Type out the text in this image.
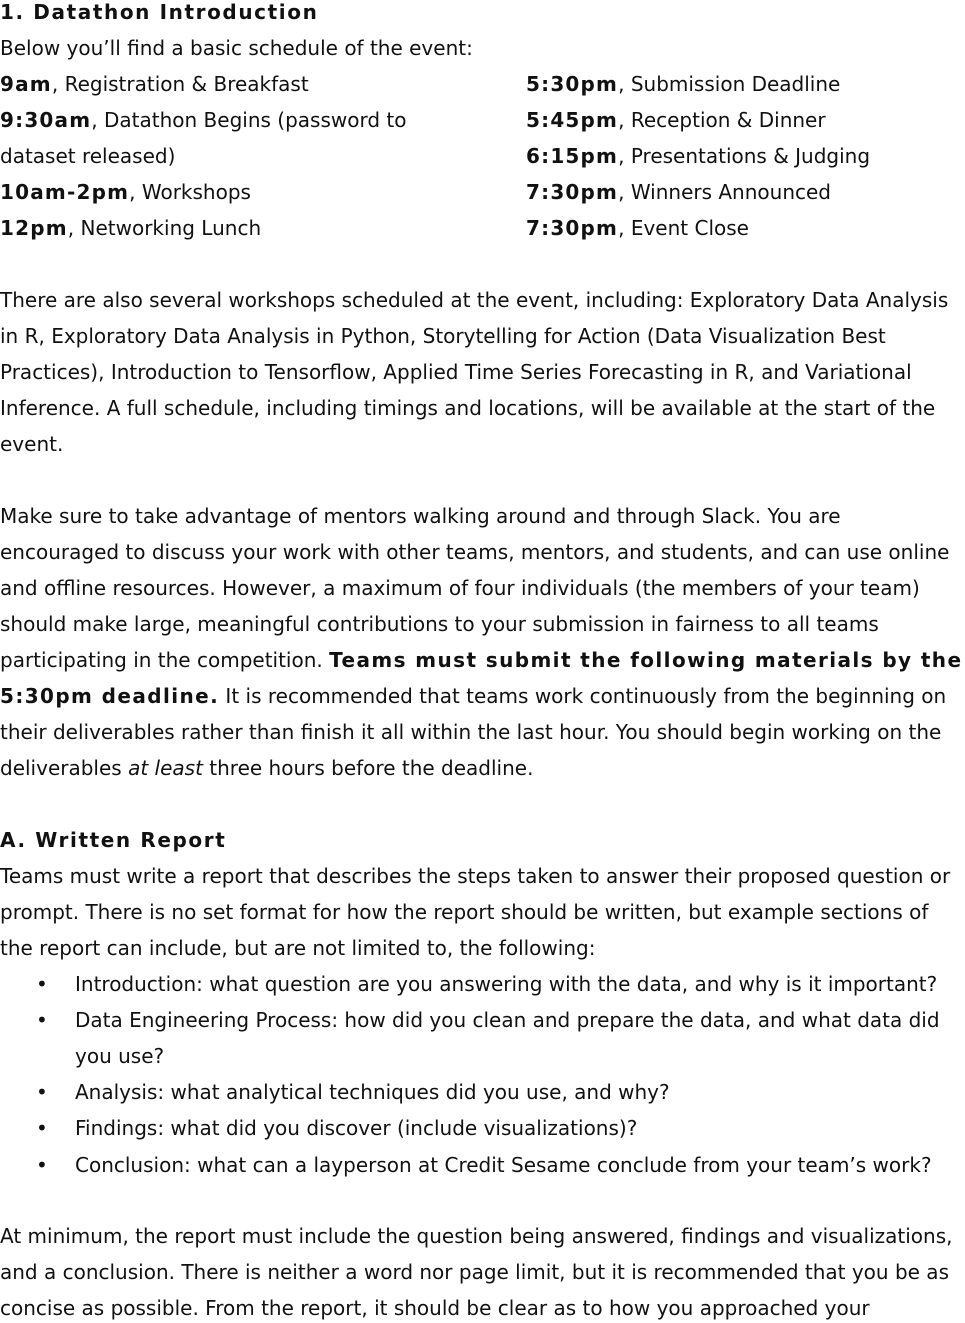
1. Datathon Introduction
Below you’ll find a basic schedule of the event:
9am, Registration & Breakfast
9:30am, Datathon Begins (password to
dataset released)
10am-2pm, Workshops
12pm, Networking Lunch
5:30pm, Submission Deadline
5:45pm, Reception & Dinner
6:15pm, Presentations & Judging
7:30pm, Winners Announced
7:30pm, Event Close
There are also several workshops scheduled at the event, including: Exploratory Data Analysis
in R, Exploratory Data Analysis in Python, Storytelling for Action (Data Visualization Best
Practices), Introduction to Tensorflow, Applied Time Series Forecasting in R, and Variational
Inference. A full schedule, including timings and locations, will be available at the start of the
event.
Make sure to take advantage of mentors walking around and through Slack. You are
encouraged to discuss your work with other teams, mentors, and students, and can use online
and offline resources. However, a maximum of four individuals (the members of your team)
should make large, meaningful contributions to your submission in fairness to all teams
participating in the competition. Teams must submit the following materials by the
5:30pm deadline. It is recommended that teams work continuously from the beginning on
their deliverables rather than finish it all within the last hour. You should begin working on the
deliverables at least three hours before the deadline.
A. Written Report
Teams must write a report that describes the steps taken to answer their proposed question or
prompt. There is no set format for how the report should be written, but example sections of
the report can include, but are not limited to, the following:
• Introduction: what question are you answering with the data, and why is it important?
• Data Engineering Process: how did you clean and prepare the data, and what data did
you use?
• Analysis: what analytical techniques did you use, and why?
• Findings: what did you discover (include visualizations)?
• Conclusion: what can a layperson at Credit Sesame conclude from your team’s work?
At minimum, the report must include the question being answered, findings and visualizations,
and a conclusion. There is neither a word nor page limit, but it is recommended that you be as
concise as possible. From the report, it should be clear as to how you approached your
